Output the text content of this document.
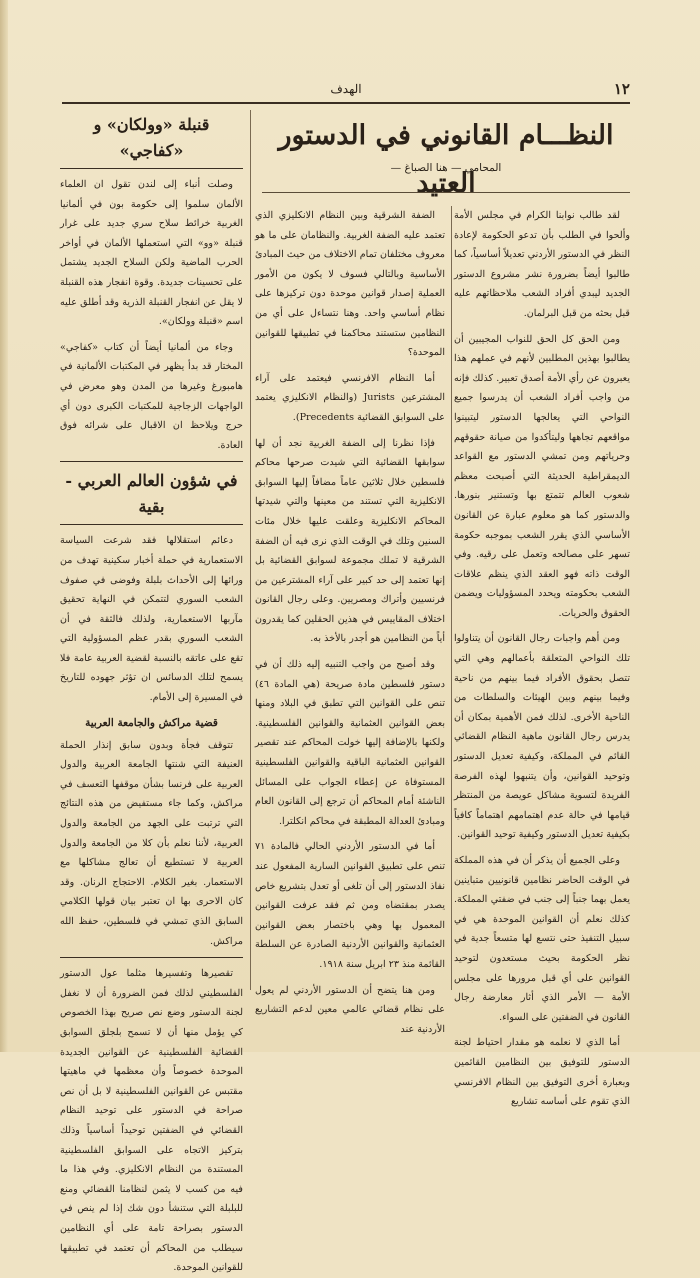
١٢
الهدف
النظـــام القانوني في الدستور العتيد
المحامي — هنا الصباغ —

لقد طالب نوابنا الكرام في مجلس الأمة وألحوا في الطلب بأن تدعو الحكومة لإعادة النظر في الدستور الأردني تعديلاً أساسياً، كما طالبوا أيضاً بضرورة نشر مشروع الدستور الجديد ليبدي أفراد الشعب ملاحظاتهم عليه قبل بحثه من قبل البرلمان.

ومن الحق كل الحق للنواب المجيبين أن يطالبوا بهذين المطلبين لأنهم في عملهم هذا يعبرون عن رأي الأمة أصدق تعبير. كذلك فإنه من واجب أفراد الشعب أن يدرسوا جميع النواحي التي يعالجها الدستور ليتبينوا مواقعهم تجاهها وليتأكدوا من صيانة حقوقهم وحرياتهم ومن تمشي الدستور مع القواعد الديمقراطية الحديثة التي أصبحت معظم شعوب العالم تتمتع بها وتستنير بنورها. والدستور كما هو معلوم عبارة عن القانون الأساسي الذي يقرر الشعب بموجبه حكومة تسهر على مصالحه وتعمل على رقيه. وفي الوقت ذاته فهو العقد الذي ينظم علاقات الشعب بحكومته ويحدد المسؤوليات ويضمن الحقوق والحريات.

ومن أهم واجبات رجال القانون أن يتناولوا تلك النواحي المتعلقة بأعمالهم وهي التي تتصل بحقوق الأفراد فيما بينهم من ناحية وفيما بينهم وبين الهيئات والسلطات من الناحية الأخرى. لذلك فمن الأهمية بمكان أن يدرس رجال القانون ماهية النظام القضائي القائم في المملكة، وكيفية تعديل الدستور وتوحيد القوانين، وأن يتنبهوا لهذه الفرصة الفريدة لتسوية مشاكل عويصة من المنتظر قيامها في حالة عدم اهتمامهم اهتماماً كافياً بكيفية تعديل الدستور وكيفية توحيد القوانين.

وعلى الجميع أن يذكر أن في هذه المملكة في الوقت الحاضر نظامين قانونيين متباينين يعمل بهما جنباً إلى جنب في ضفتي المملكة. كذلك نعلم أن القوانين الموحدة هي في سبيل التنفيذ حتى نتسع لها متسعاً جدية في نظر الحكومة بحيث مستعدون لتوحيد القوانين على أي قبل مرورها على مجلس الأمة — الأمر الذي أثار معارضة رجال القانون في الضفتين على السواء.

أما الذي لا نعلمه هو مقدار احتياط لجنة الدستور للتوفيق بين النظامين القائمين وبعبارة أخرى التوفيق بين النظام الافرنسي الذي تقوم على أساسه تشاريع

الضفة الشرقية وبين النظام الانكليزي الذي تعتمد عليه الضفة الغربية. والنظامان على ما هو معروف مختلفان تمام الاختلاف من حيث المبادئ الأساسية وبالتالي فسوف لا يكون من الأمور العملية إصدار قوانين موحدة دون تركيزها على نظام أساسي واحد. وهنا نتساءل على أي من النظامين ستستند محاكمنا في تطبيقها للقوانين الموحدة؟

أما النظام الافرنسي فيعتمد على آراء المشترعين Jurists (والنظام الانكليزي يعتمد على السوابق القضائية Precedents).

فإذا نظرنا إلى الضفة الغربية نجد أن لها سوابقها القضائية التي شيدت صرحها محاكم فلسطين خلال ثلاثين عاماً مضافاً إليها السوابق الانكليزية التي تستند من معينها والتي شيدتها المحاكم الانكليزية وعلقت عليها خلال مئات السنين وتلك في الوقت الذي نرى فيه أن الضفة الشرقية لا تملك مجموعة لسوابق القضائية بل إنها تعتمد إلى حد كبير على آراء المشترعين من فرنسيين وأتراك ومصريين. وعلى رجال القانون اختلاف المقاييس في هذين الحقلين كما يقدرون أياً من النظامين هو أجدر بالأخذ به.

وقد أصبح من واجب التنبيه إليه ذلك أن في دستور فلسطين مادة صريحة (هي المادة ٤٦) تنص على القوانين التي تطبق في البلاد ومنها بعض القوانين العثمانية والقوانين الفلسطينية. ولكنها بالإضافة إليها خولت المحاكم عند تقصير القوانين العثمانية الباقية والقوانين الفلسطينية المستوفاة عن إعطاء الجواب على المسائل الناشئة أمام المحاكم أن ترجع إلى القانون العام ومبادئ العدالة المطبقة في محاكم انكلترا.

أما في الدستور الأردني الحالي فالمادة ٧١ تنص على تطبيق القوانين السارية المفعول عند نفاذ الدستور إلى أن تلغى أو تعدل بتشريع خاص يصدر بمقتضاه ومن ثم فقد عرفت القوانين المعمول بها وهي باختصار بعض القوانين العثمانية والقوانين الأردنية الصادرة عن السلطة القائمة منذ ٢٣ ابريل سنة ١٩١٨.

ومن هنا يتضح أن الدستور الأردني لم يعول على نظام قضائي عالمي معين لدعم التشاريع الأردنية عند

قنبلة «وولكان» و «كفاجي»

وصلت أنباء إلى لندن تقول ان العلماء الألمان سلموا إلى حكومة بون في ألمانيا الغربية خرائط سلاح سري جديد على غرار قنبلة «وو» التي استعملها الألمان في أواخر الحرب الماضية ولكن السلاح الجديد يشتمل على تحسينات جديدة. وقوة انفجار هذه القنبلة لا يقل عن انفجار القنبلة الذرية وقد أطلق عليه اسم «قنبلة وولكان».

وجاء من ألمانيا أيضاً أن كتاب «كفاجي» المختار قد بدأ يظهر في المكتبات الألمانية في هامبورغ وغيرها من المدن وهو معرض في الواجهات الزجاجية للمكتبات الكبرى دون أي حرج ويلاحظ ان الاقبال على شرائه فوق العادة.

في شؤون العالم العربي - بقية

دعائم استقلالها فقد شرعت السياسة الاستعمارية في حملة أخبار سكينية تهدف من ورائها إلى الأحداث بلبلة وفوضى في صفوف الشعب السوري لتتمكن في النهاية تحقيق مآربها الاستعمارية، ولذلك فالثقة في أن الشعب السوري بقدر عظم المسؤولية التي تقع على عاتقه بالنسبة لقضية العربية عامة فلا يسمح لتلك الدسائس ان تؤثر جهوده للتاريخ في المسيرة إلى الأمام.

قضية مراكش والجامعة العربية

تتوقف فجأة وبدون سابق إنذار الحملة العنيفة التي شنتها الجامعة العربية والدول العربية على فرنسا بشأن موقفها التعسف في مراكش، وكما جاء مستفيض من هذه النتائج التي ترتبت على الجهد من الجامعة والدول العربية، لأننا نعلم بأن كلا من الجامعة والدول العربية لا تستطيع أن تعالج مشاكلها مع الاستعمار. بغير الكلام. الاحتجاج الرنان. وقد كان الاحرى بها ان تعتبر بيان قولها الكلامي السابق الذي تمشي في فلسطين، حفظ الله مراكش.

تقصيرها وتفسيرها مثلما عول الدستور الفلسطيني لذلك فمن الضرورة أن لا نغفل لجنة الدستور وضع نص صريح بهذا الخصوص كي يؤمل منها أن لا تسمح بلجلق السوابق القضائية الفلسطينية عن القوانين الجديدة الموحدة خصوصاً وأن معظمها في ماهيتها مقتبس عن القوانين الفلسطينية لا بل أن نص صراحة في الدستور على توحيد النظام القضائي في الضفتين توحيداً أساسياً وذلك بتركيز الاتجاه على السوابق الفلسطينية المستندة من النظام الانكليزي. وفي هذا ما فيه من كسب لا يثمن لنظامنا القضائي ومنع للبلبلة التي ستنشأ دون شك إذا لم ينص في الدستور بصراحة تامة على أي النظامين سيطلب من المحاكم أن تعتمد في تطبيقها للقوانين الموحدة.
